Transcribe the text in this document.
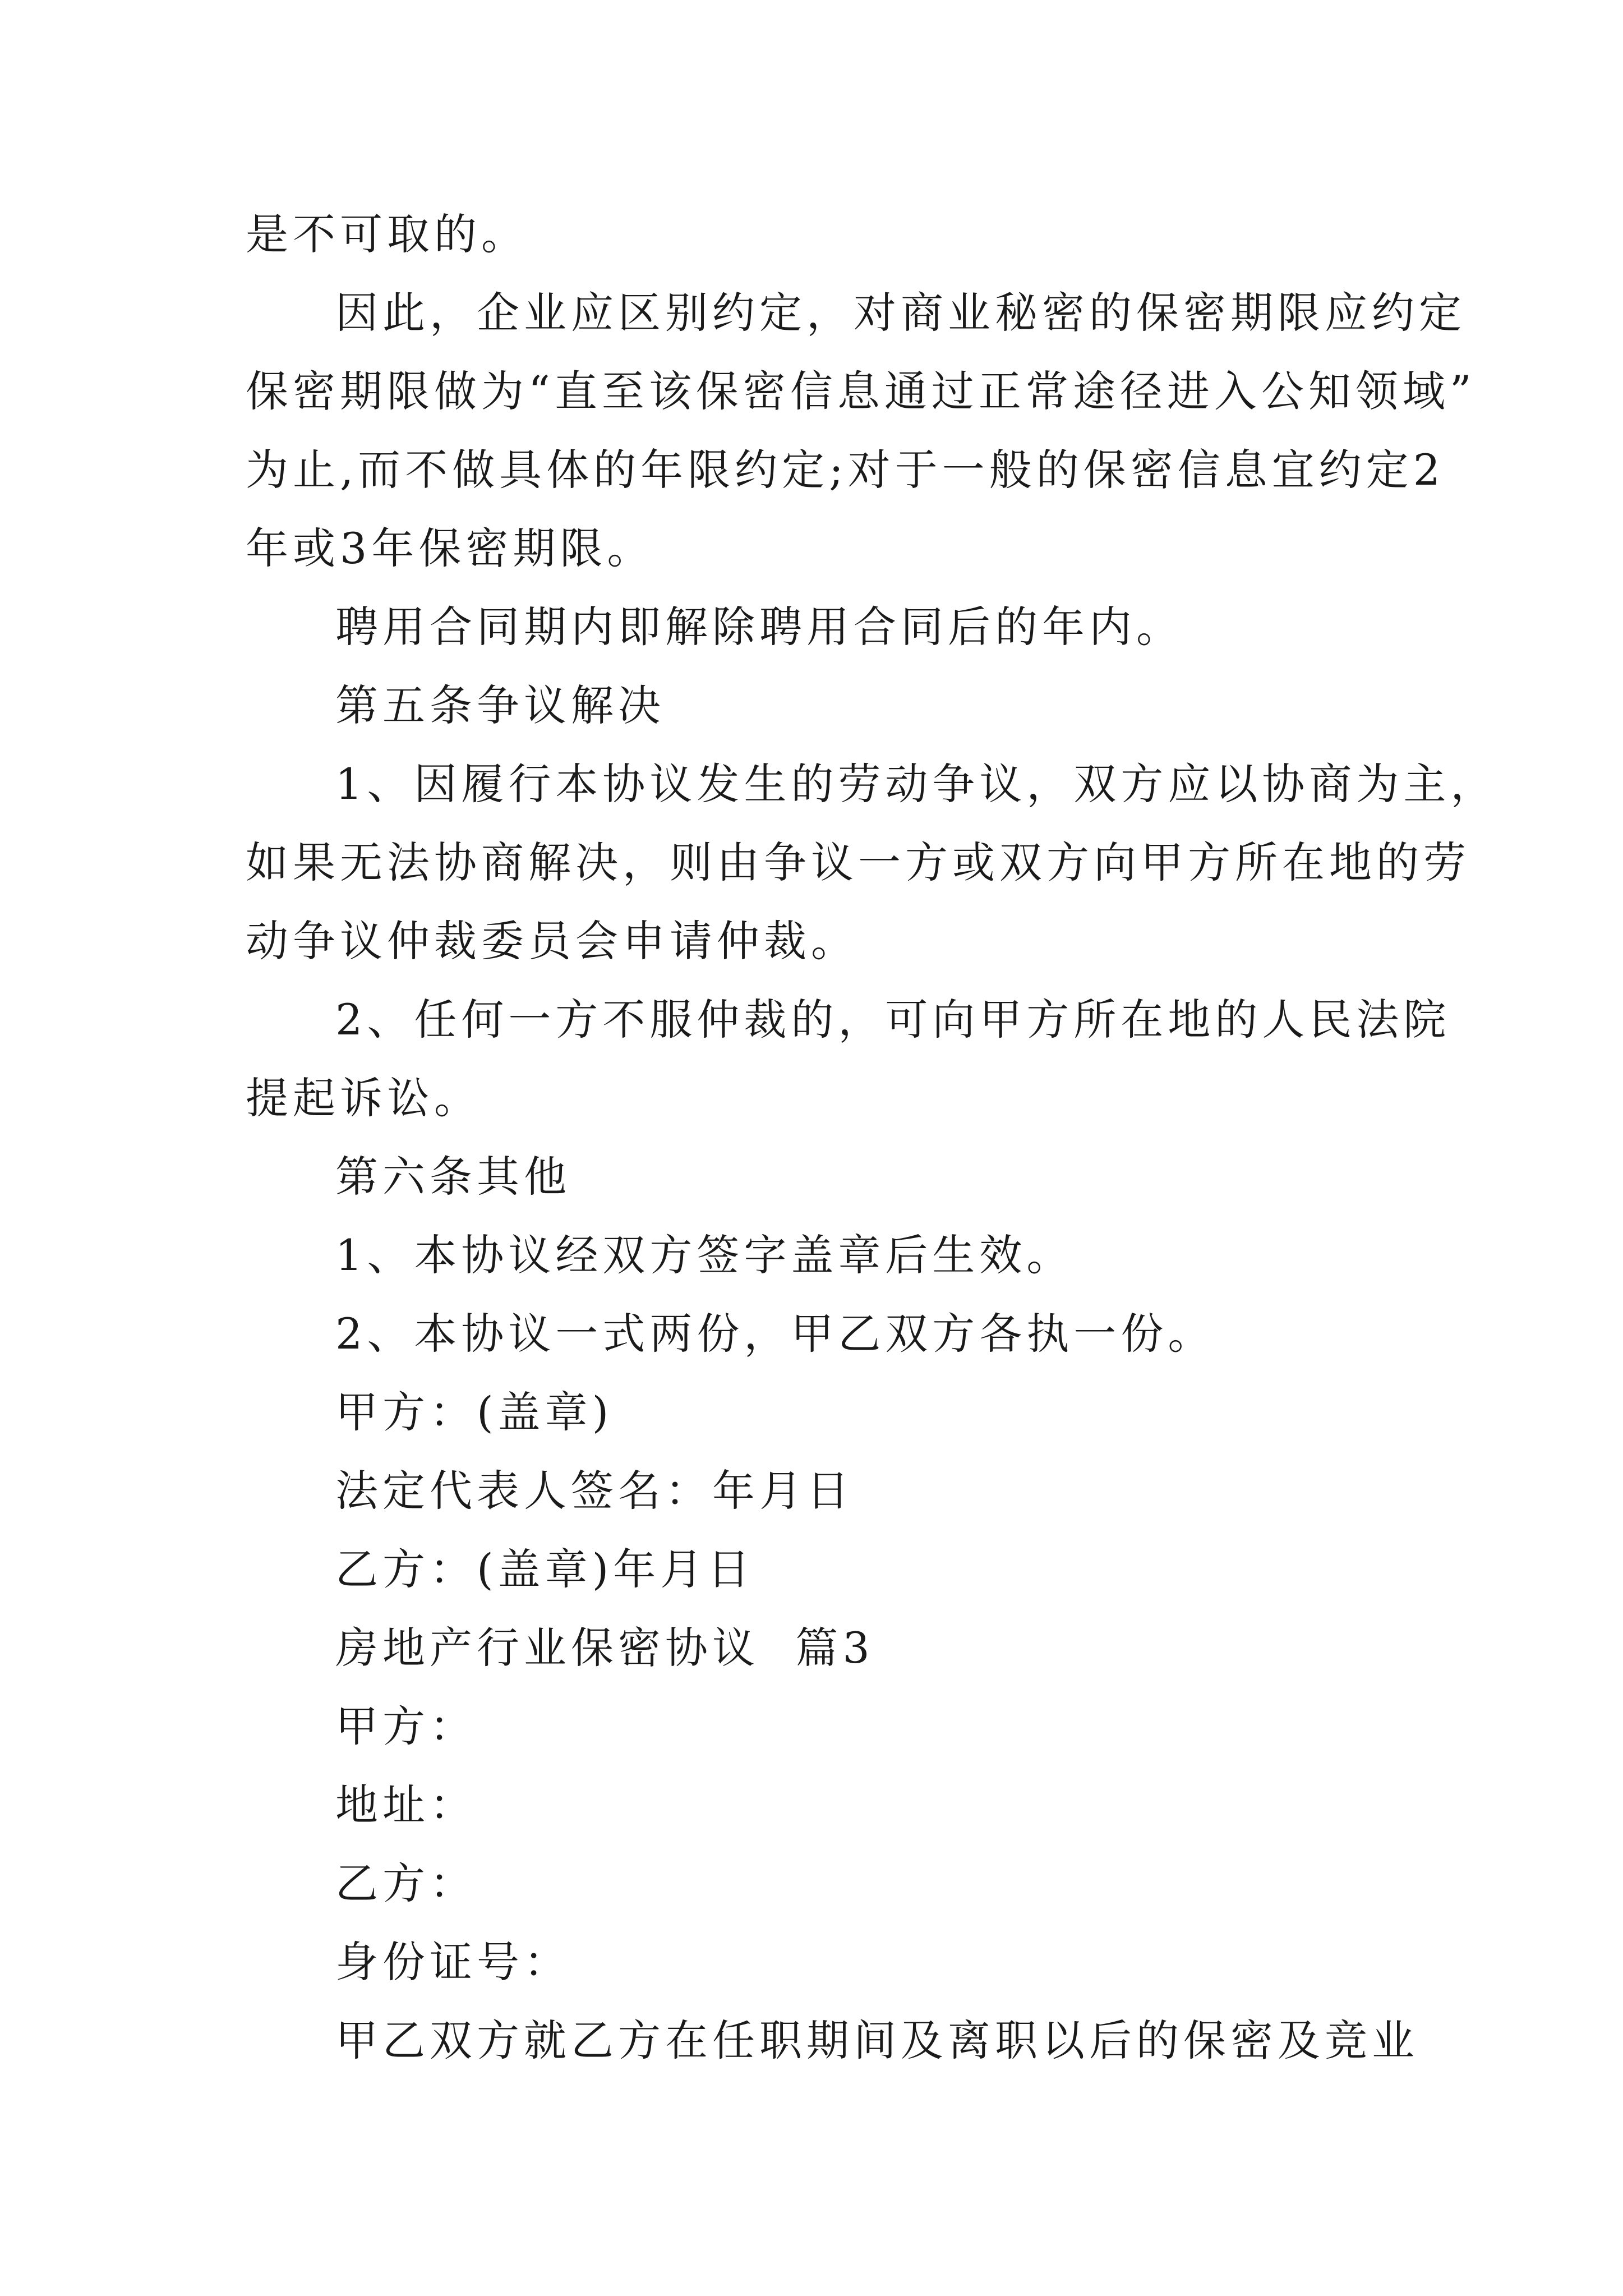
是不可取的。

因此，企业应区别约定，对商业秘密的保密期限应约定

保密期限做为“直至该保密信息通过正常途径进入公知领域”

为止,而不做具体的年限约定;对于一般的保密信息宜约定2

年或3年保密期限。

聘用合同期内即解除聘用合同后的年内。

第五条争议解决

1、因履行本协议发生的劳动争议，双方应以协商为主，

如果无法协商解决，则由争议一方或双方向甲方所在地的劳

动争议仲裁委员会申请仲裁。

2、任何一方不服仲裁的，可向甲方所在地的人民法院

提起诉讼。

第六条其他

1、本协议经双方签字盖章后生效。

2、本协议一式两份，甲乙双方各执一份。

甲方：(盖章)

法定代表人签名：年月日

乙方：(盖章)年月日

房地产行业保密协议  篇3

甲方：

地址：

乙方：

身份证号：

甲乙双方就乙方在任职期间及离职以后的保密及竞业
